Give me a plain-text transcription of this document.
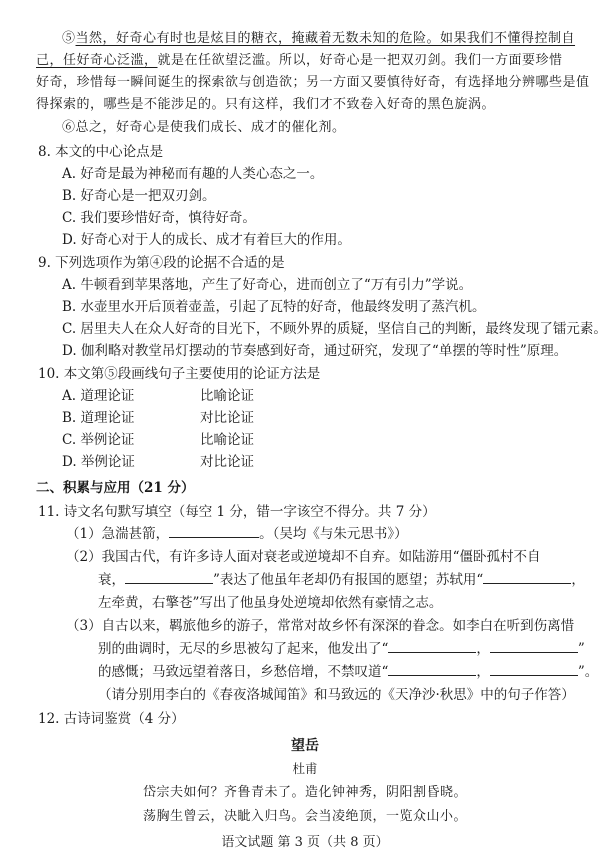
⑤当然，好奇心有时也是炫目的糖衣，掩藏着无数未知的危险。如果我们不懂得控制自
己，任好奇心泛滥，就是在任欲望泛滥。所以，好奇心是一把双刃剑。我们一方面要珍惜
好奇，珍惜每一瞬间诞生的探索欲与创造欲；另一方面又要慎待好奇，有选择地分辨哪些是值
得探索的，哪些是不能涉足的。只有这样，我们才不致卷入好奇的黑色旋涡。
⑥总之，好奇心是使我们成长、成才的催化剂。
8. 本文的中心论点是
A. 好奇是最为神秘而有趣的人类心态之一。
B. 好奇心是一把双刃剑。
C. 我们要珍惜好奇，慎待好奇。
D. 好奇心对于人的成长、成才有着巨大的作用。
9. 下列选项作为第④段的论据不合适的是
A. 牛顿看到苹果落地，产生了好奇心，进而创立了“万有引力”学说。
B. 水壶里水开后顶着壶盖，引起了瓦特的好奇，他最终发明了蒸汽机。
C. 居里夫人在众人好奇的目光下，不顾外界的质疑，坚信自己的判断，最终发现了镭元素。
D. 伽利略对教堂吊灯摆动的节奏感到好奇，通过研究，发现了“单摆的等时性”原理。
10. 本文第⑤段画线句子主要使用的论证方法是
A. 道理论证	比喻论证
B. 道理论证	对比论证
C. 举例论证	比喻论证
D. 举例论证	对比论证
二、积累与应用（21 分）
11. 诗文名句默写填空（每空 1 分，错一字该空不得分。共 7 分）
（1）急湍甚箭，	。（吴均《与朱元思书》）
（2）我国古代，有许多诗人面对衰老或逆境却不自弃。如陆游用“僵卧孤村不自
衰，	”表达了他虽年老却仍有报国的愿望；苏轼用“	，
左牵黄，右擎苍”写出了他虽身处逆境却依然有豪情之志。
（3）自古以来，羁旅他乡的游子，常常对故乡怀有深深的眷念。如李白在听到伤离惜
别的曲调时，无尽的乡思被勾了起来，他发出了“	，	”
的感慨；马致远望着落日，乡愁倍增，不禁叹道“	，	”。
（请分别用李白的《春夜洛城闻笛》和马致远的《天净沙·秋思》中的句子作答）
12. 古诗词鉴赏（4 分）
望岳
杜甫
岱宗夫如何？齐鲁青未了。造化钟神秀，阴阳割昏晓。
荡胸生曾云，决眦入归鸟。会当凌绝顶，一览众山小。
语文试题 第 3 页（共 8 页）
